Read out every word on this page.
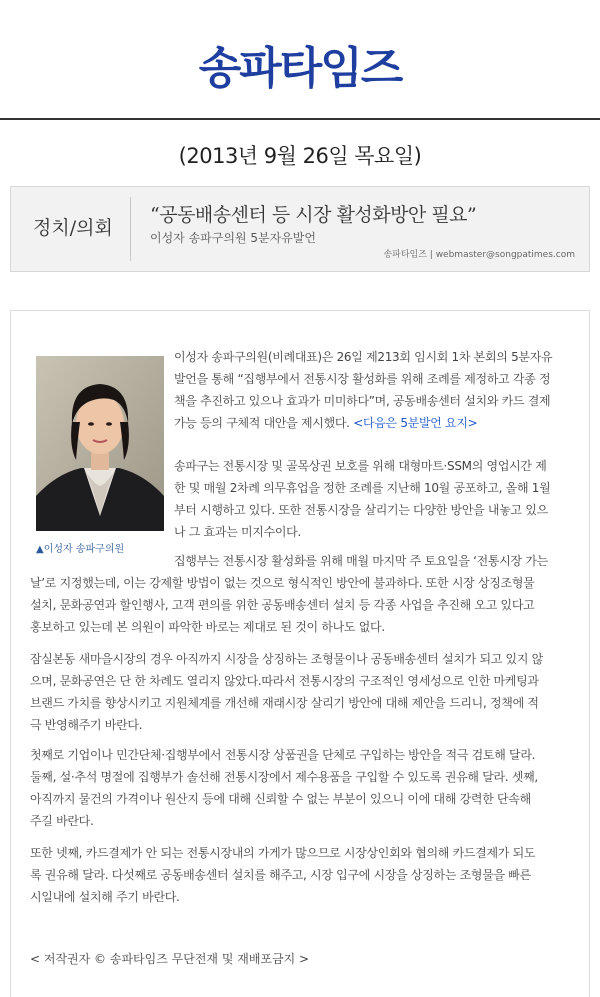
송파타임즈
(2013년 9월 26일 목요일)
정치/의회
“공동배송센터 등 시장 활성화방안 필요”
이성자 송파구의원 5분자유발언
송파타임즈 | webmaster@songpatimes.com
▲이성자 송파구의원

이성자 송파구의원(비례대표)은 26일 제213회 임시회 1차 본회의 5분자유

발언을 통해 “집행부에서 전통시장 활성화를 위해 조례를 제정하고 각종 정

책을 추진하고 있으나 효과가 미미하다”며, 공동배송센터 설치와 카드 결제

가능 등의 구체적 대안을 제시했다. <다음은 5분발언 요지>

송파구는 전통시장 및 골목상권 보호를 위해 대형마트·SSM의 영업시간 제

한 및 매월 2차례 의무휴업을 정한 조례를 지난해 10월 공포하고, 올해 1월

부터 시행하고 있다. 또한 전통시장을 살리기는 다양한 방안을 내놓고 있으

나 그 효과는 미지수이다.

집행부는 전통시장 활성화를 위해 매월 마지막 주 토요일을 ‘전통시장 가는

날’로 지정했는데, 이는 강제할 방법이 없는 것으로 형식적인 방안에 불과하다. 또한 시장 상징조형물

설치, 문화공연과 할인행사, 고객 편의를 위한 공동배송센터 설치 등 각종 사업을 추진해 오고 있다고

홍보하고 있는데 본 의원이 파악한 바로는 제대로 된 것이 하나도 없다.

잠실본동 새마을시장의 경우 아직까지 시장을 상징하는 조형물이나 공동배송센터 설치가 되고 있지 않

으며, 문화공연은 단 한 차례도 열리지 않았다.따라서 전통시장의 구조적인 영세성으로 인한 마케팅과

브랜드 가치를 향상시키고 지원체계를 개선해 재래시장 살리기 방안에 대해 제안을 드리니, 정책에 적

극 반영해주기 바란다.

첫째로 기업이나 민간단체·집행부에서 전통시장 상품권을 단체로 구입하는 방안을 적극 검토해 달라.

둘째, 설·추석 명절에 집행부가 솔선해 전통시장에서 제수용품을 구입할 수 있도록 권유해 달라. 셋째,

아직까지 물건의 가격이나 원산지 등에 대해 신뢰할 수 없는 부분이 있으니 이에 대해 강력한 단속해

주길 바란다.

또한 넷째, 카드결제가 안 되는 전통시장내의 가게가 많으므로 시장상인회와 협의해 카드결제가 되도

록 권유해 달라. 다섯째로 공동배송센터 설치를 해주고, 시장 입구에 시장을 상징하는 조형물을 빠른

시일내에 설치해 주기 바란다.

< 저작권자 © 송파타임즈 무단전재 및 재배포금지 >
